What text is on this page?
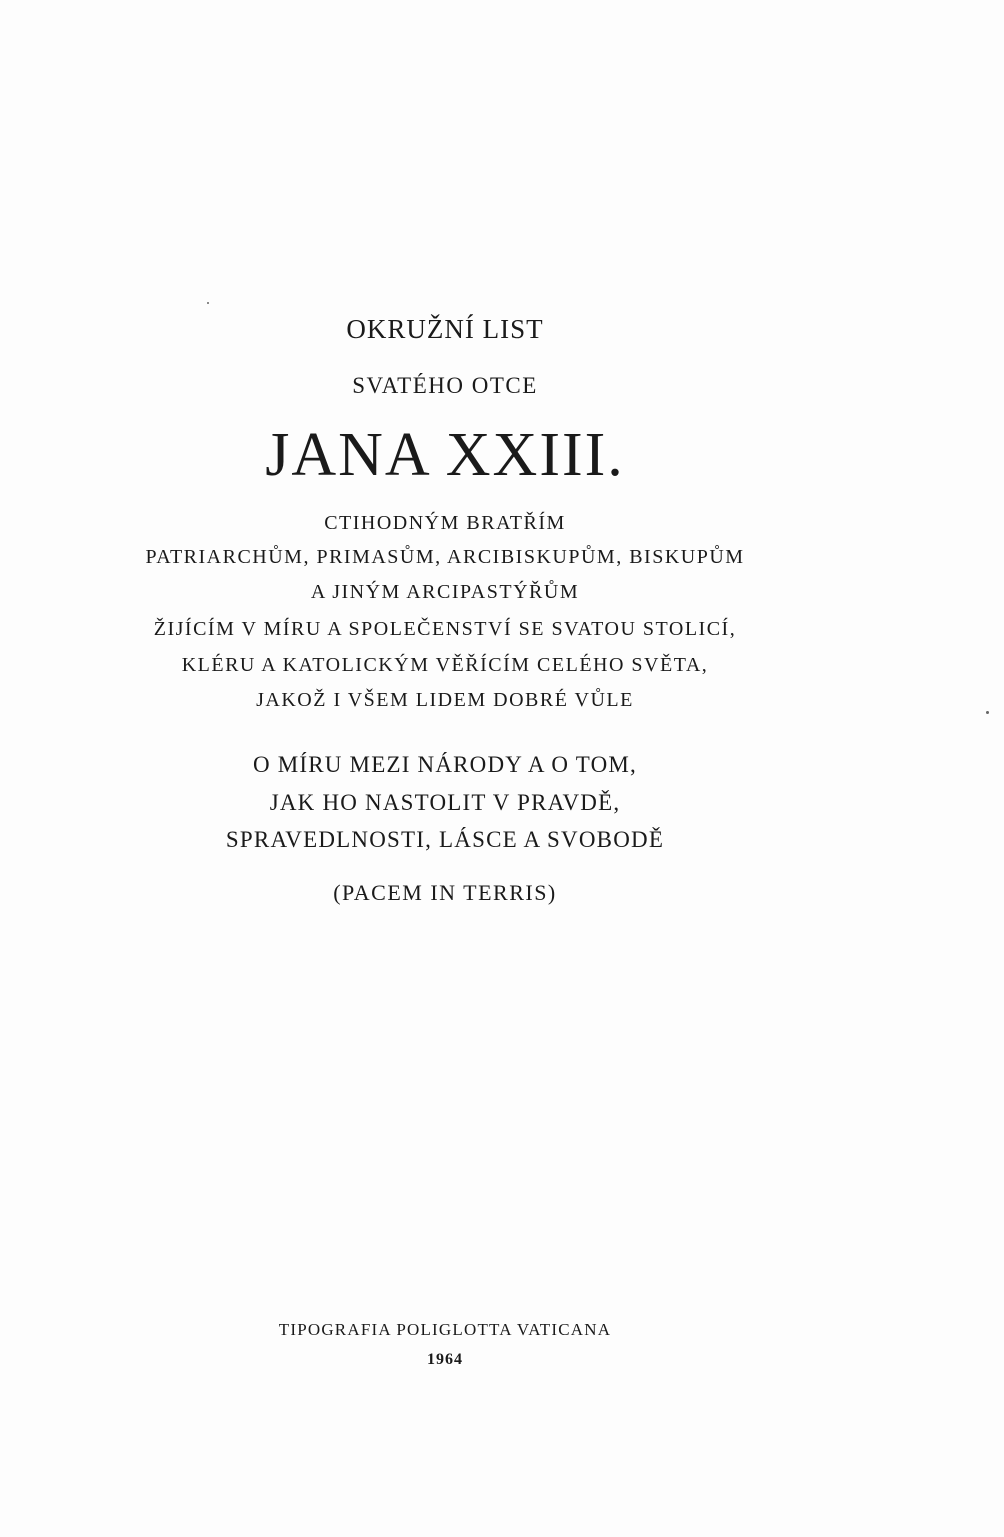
OKRUŽNÍ LIST
SVATÉHO OTCE
JANA XXIII.
CTIHODNÝM BRATŘÍM
PATRIARCHŮM, PRIMASŮM, ARCIBISKUPŮM, BISKUPŮM
A JINÝM ARCIPASTÝŘŮM
ŽIJÍCÍM V MÍRU A SPOLEČENSTVÍ SE SVATOU STOLICÍ,
KLÉRU A KATOLICKÝM VĚŘÍCÍM CELÉHO SVĚTA,
JAKOŽ I VŠEM LIDEM DOBRÉ VŮLE
O MÍRU MEZI NÁRODY A O TOM,
JAK HO NASTOLIT V PRAVDĚ,
SPRAVEDLNOSTI, LÁSCE A SVOBODĚ
(PACEM IN TERRIS)
TIPOGRAFIA POLIGLOTTA VATICANA
1964
